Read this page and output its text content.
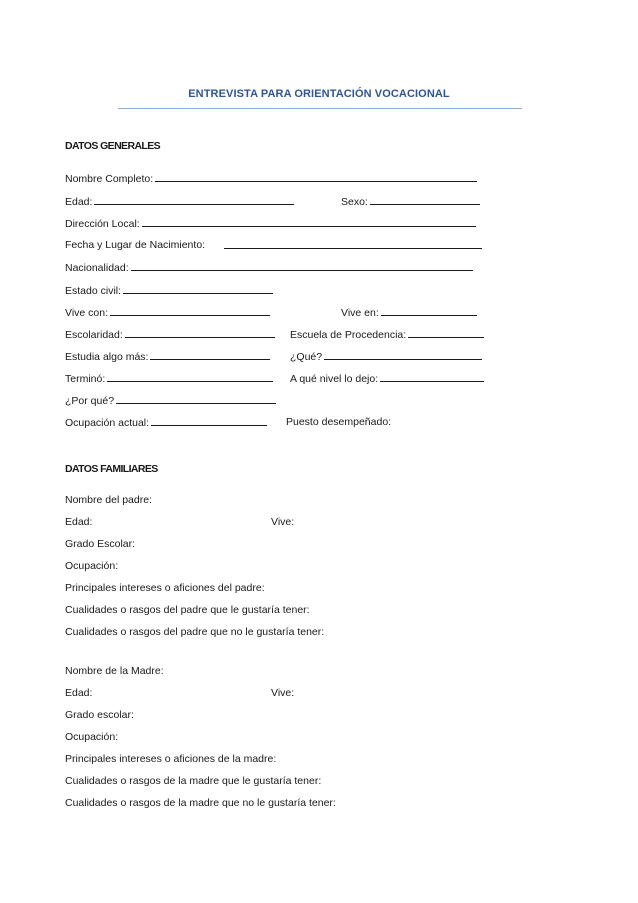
ENTREVISTA PARA ORIENTACIÓN VOCACIONAL
DATOS GENERALES
Nombre Completo:
Edad:	Sexo:
Dirección Local:
Fecha y Lugar de Nacimiento:
Nacionalidad:
Estado civil:
Vive con:	Vive en:
Escolaridad:	Escuela de Procedencia:
Estudia algo más:	¿Qué?
Terminó:	A qué nivel lo dejo:
¿Por qué?
Ocupación actual:	Puesto desempeñado:
DATOS FAMILIARES
Nombre del padre:
Edad:	Vive:
Grado Escolar:
Ocupación:
Principales intereses o aficiones del padre:
Cualidades o rasgos del padre que le gustaría tener:
Cualidades o rasgos del padre que no le gustaría tener:
Nombre de la Madre:
Edad:	Vive:
Grado escolar:
Ocupación:
Principales intereses o aficiones de la madre:
Cualidades o rasgos de la madre que le gustaría tener:
Cualidades o rasgos de la madre que no le gustaría tener:
